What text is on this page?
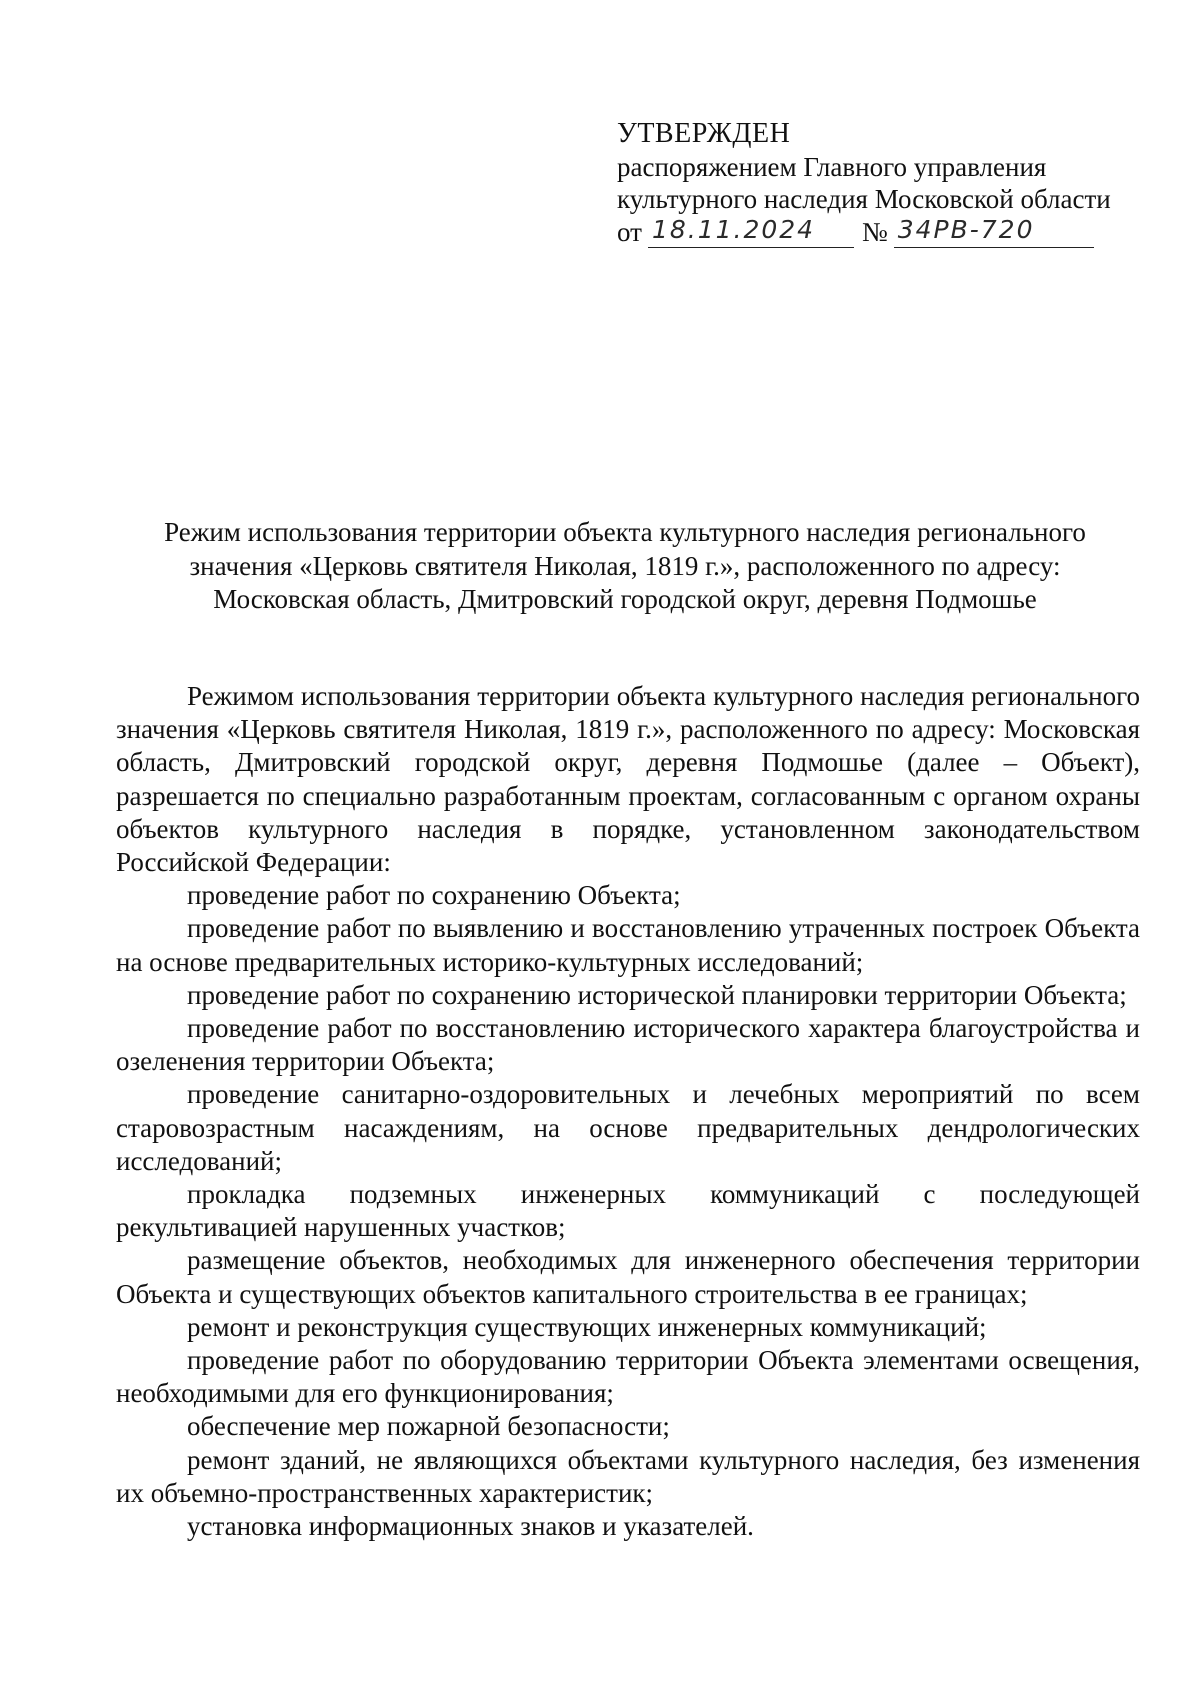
УТВЕРЖДЕН
распоряжением Главного управления
культурного наследия Московской области
от 18.11.2024 № 34РВ-720
Режим использования территории объекта культурного наследия регионального
значения «Церковь святителя Николая, 1819 г.», расположенного по адресу:
Московская область, Дмитровский городской округ, деревня Подмошье

Режимом использования территории объекта культурного наследия регионального значения «Церковь святителя Николая, 1819 г.», расположенного по адресу: Московская область, Дмитровский городской округ, деревня Подмошье (далее – Объект), разрешается по специально разработанным проектам, согласованным с органом охраны объектов культурного наследия в порядке, установленном законодательством Российской Федерации:

проведение работ по сохранению Объекта;

проведение работ по выявлению и восстановлению утраченных построек Объекта на основе предварительных историко-культурных исследований;

проведение работ по сохранению исторической планировки территории Объекта;

проведение работ по восстановлению исторического характера благоустройства и озеленения территории Объекта;

проведение санитарно-оздоровительных и лечебных мероприятий по всем старовозрастным насаждениям, на основе предварительных дендрологических исследований;

прокладка подземных инженерных коммуникаций с последующей рекультивацией нарушенных участков;

размещение объектов, необходимых для инженерного обеспечения территории Объекта и существующих объектов капитального строительства в ее границах;

ремонт и реконструкция существующих инженерных коммуникаций;

проведение работ по оборудованию территории Объекта элементами освещения, необходимыми для его функционирования;

обеспечение мер пожарной безопасности;

ремонт зданий, не являющихся объектами культурного наследия, без изменения их объемно-пространственных характеристик;

установка информационных знаков и указателей.
